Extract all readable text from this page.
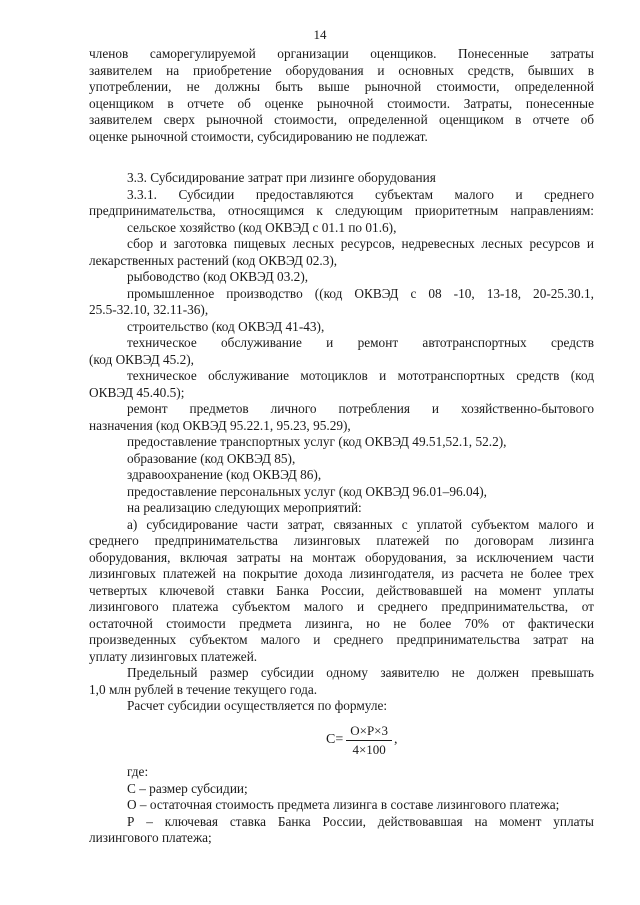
14
членов саморегулируемой организации оценщиков. Понесенные затраты
заявителем на приобретение оборудования и основных средств, бывших в
употреблении, не должны быть выше рыночной стоимости, определенной
оценщиком в отчете об оценке рыночной стоимости. Затраты, понесенные
заявителем сверх рыночной стоимости, определенной оценщиком в отчете об
оценке рыночной стоимости, субсидированию не подлежат.
3.3. Субсидирование затрат при лизинге оборудования
3.3.1. Субсидии предоставляются субъектам малого и среднего
предпринимательства, относящимся к следующим приоритетным направлениям:
сельское хозяйство (код ОКВЭД с 01.1 по 01.6),
сбор и заготовка пищевых лесных ресурсов, недревесных лесных ресурсов и
лекарственных растений (код ОКВЭД 02.3),
рыбоводство (код ОКВЭД 03.2),
промышленное производство ((код ОКВЭД с 08 -10, 13-18, 20-25.30.1,
25.5-32.10, 32.11-36),
строительство (код ОКВЭД 41-43),
техническое обслуживание и ремонт автотранспортных средств
(код ОКВЭД 45.2),
техническое обслуживание мотоциклов и мототранспортных средств (код
ОКВЭД 45.40.5);
ремонт предметов личного потребления и хозяйственно-бытового
назначения (код ОКВЭД 95.22.1, 95.23, 95.29),
предоставление транспортных услуг (код ОКВЭД 49.51,52.1, 52.2),
образование (код ОКВЭД 85),
здравоохранение (код ОКВЭД 86),
предоставление персональных услуг (код ОКВЭД 96.01–96.04),
на реализацию следующих мероприятий:
а) субсидирование части затрат, связанных с уплатой субъектом малого и
среднего предпринимательства лизинговых платежей по договорам лизинга
оборудования, включая затраты на монтаж оборудования, за исключением части
лизинговых платежей на покрытие дохода лизингодателя, из расчета не более трех
четвертых ключевой ставки Банка России, действовавшей на момент уплаты
лизингового платежа субъектом малого и среднего предпринимательства, от
остаточной стоимости предмета лизинга, но не более 70% от фактически
произведенных субъектом малого и среднего предпринимательства затрат на
уплату лизинговых платежей.
Предельный размер субсидии одному заявителю не должен превышать
1,0 млн рублей в течение текущего года.
Расчет субсидии осуществляется по формуле:
$С= \frac{О\times Р\times 3}{4\times 100}$ ,
где:
С – размер субсидии;
О – остаточная стоимость предмета лизинга в составе лизингового платежа;
Р – ключевая ставка Банка России, действовавшая на момент уплаты
лизингового платежа;
